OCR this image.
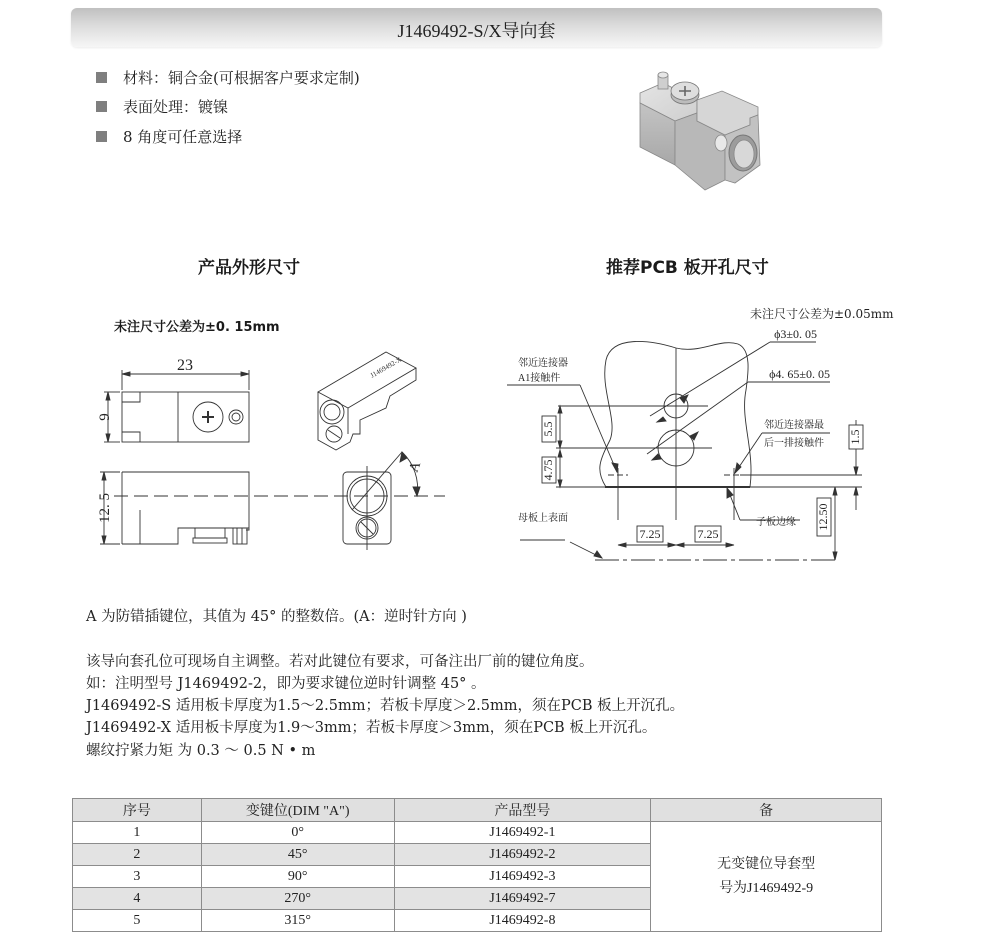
J1469492-S/X导向套
材料：铜合金(可根据客户要求定制)
表面处理：镀镍
8 角度可任意选择
产品外形尺寸	推荐PCB 板开孔尺寸
未注尺寸公差为±0. 15mm
23
9
12. 5
J1469492-X
A
未注尺寸公差为±0.05mm
5.5
4.75
1.5
12.50
7.25	7.25
ϕ3±0. 05
ϕ4. 65±0. 05
邻近连接器
A1接触件
邻近连接器最
后一排接触件
子板边缘
母板上表面
A 为防错插键位，其值为 45° 的整数倍。(A：逆时针方向 )
该导向套孔位可现场自主调整。若对此键位有要求，可备注出厂前的键位角度。
如：注明型号 J1469492-2，即为要求键位逆时针调整 45° 。
J1469492-S 适用板卡厚度为1.5～2.5mm；若板卡厚度＞2.5mm，须在PCB 板上开沉孔。
J1469492-X 适用板卡厚度为1.9～3mm；若板卡厚度＞3mm，须在PCB 板上开沉孔。
螺纹拧紧力矩 为 0.3 ～ 0.5 N • m
序号	变键位(DIM "A")	产品型号	备
1	0°	J1469492-1	无变键位导套型
号为J1469492-9

2	45°	J1469492-2	
3	90°	J1469492-3	
4	270°	J1469492-7	
5	315°	J1469492-8	
